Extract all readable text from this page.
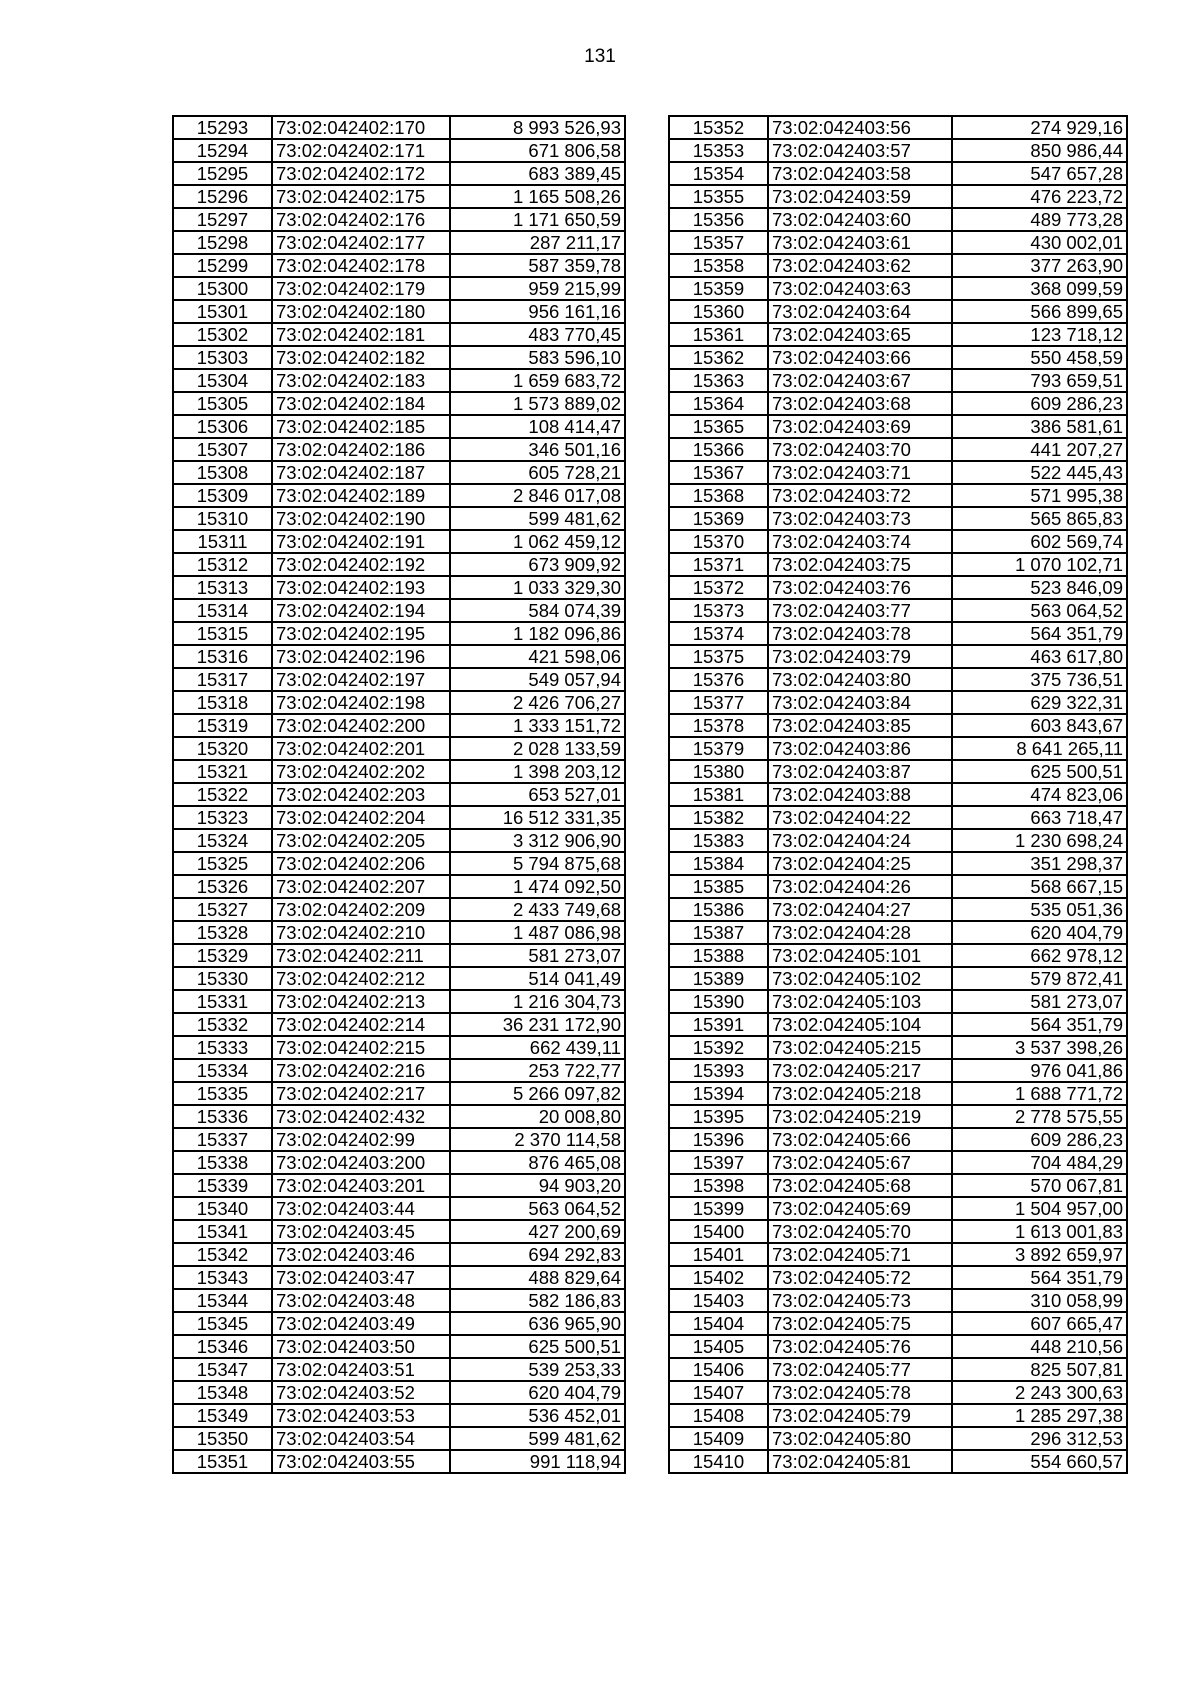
131
15293	73:02:042402:170	8 993 526,93
15294	73:02:042402:171	671 806,58
15295	73:02:042402:172	683 389,45
15296	73:02:042402:175	1 165 508,26
15297	73:02:042402:176	1 171 650,59
15298	73:02:042402:177	287 211,17
15299	73:02:042402:178	587 359,78
15300	73:02:042402:179	959 215,99
15301	73:02:042402:180	956 161,16
15302	73:02:042402:181	483 770,45
15303	73:02:042402:182	583 596,10
15304	73:02:042402:183	1 659 683,72
15305	73:02:042402:184	1 573 889,02
15306	73:02:042402:185	108 414,47
15307	73:02:042402:186	346 501,16
15308	73:02:042402:187	605 728,21
15309	73:02:042402:189	2 846 017,08
15310	73:02:042402:190	599 481,62
15311	73:02:042402:191	1 062 459,12
15312	73:02:042402:192	673 909,92
15313	73:02:042402:193	1 033 329,30
15314	73:02:042402:194	584 074,39
15315	73:02:042402:195	1 182 096,86
15316	73:02:042402:196	421 598,06
15317	73:02:042402:197	549 057,94
15318	73:02:042402:198	2 426 706,27
15319	73:02:042402:200	1 333 151,72
15320	73:02:042402:201	2 028 133,59
15321	73:02:042402:202	1 398 203,12
15322	73:02:042402:203	653 527,01
15323	73:02:042402:204	16 512 331,35
15324	73:02:042402:205	3 312 906,90
15325	73:02:042402:206	5 794 875,68
15326	73:02:042402:207	1 474 092,50
15327	73:02:042402:209	2 433 749,68
15328	73:02:042402:210	1 487 086,98
15329	73:02:042402:211	581 273,07
15330	73:02:042402:212	514 041,49
15331	73:02:042402:213	1 216 304,73
15332	73:02:042402:214	36 231 172,90
15333	73:02:042402:215	662 439,11
15334	73:02:042402:216	253 722,77
15335	73:02:042402:217	5 266 097,82
15336	73:02:042402:432	20 008,80
15337	73:02:042402:99	2 370 114,58
15338	73:02:042403:200	876 465,08
15339	73:02:042403:201	94 903,20
15340	73:02:042403:44	563 064,52
15341	73:02:042403:45	427 200,69
15342	73:02:042403:46	694 292,83
15343	73:02:042403:47	488 829,64
15344	73:02:042403:48	582 186,83
15345	73:02:042403:49	636 965,90
15346	73:02:042403:50	625 500,51
15347	73:02:042403:51	539 253,33
15348	73:02:042403:52	620 404,79
15349	73:02:042403:53	536 452,01
15350	73:02:042403:54	599 481,62
15351	73:02:042403:55	991 118,94
15352	73:02:042403:56	274 929,16
15353	73:02:042403:57	850 986,44
15354	73:02:042403:58	547 657,28
15355	73:02:042403:59	476 223,72
15356	73:02:042403:60	489 773,28
15357	73:02:042403:61	430 002,01
15358	73:02:042403:62	377 263,90
15359	73:02:042403:63	368 099,59
15360	73:02:042403:64	566 899,65
15361	73:02:042403:65	123 718,12
15362	73:02:042403:66	550 458,59
15363	73:02:042403:67	793 659,51
15364	73:02:042403:68	609 286,23
15365	73:02:042403:69	386 581,61
15366	73:02:042403:70	441 207,27
15367	73:02:042403:71	522 445,43
15368	73:02:042403:72	571 995,38
15369	73:02:042403:73	565 865,83
15370	73:02:042403:74	602 569,74
15371	73:02:042403:75	1 070 102,71
15372	73:02:042403:76	523 846,09
15373	73:02:042403:77	563 064,52
15374	73:02:042403:78	564 351,79
15375	73:02:042403:79	463 617,80
15376	73:02:042403:80	375 736,51
15377	73:02:042403:84	629 322,31
15378	73:02:042403:85	603 843,67
15379	73:02:042403:86	8 641 265,11
15380	73:02:042403:87	625 500,51
15381	73:02:042403:88	474 823,06
15382	73:02:042404:22	663 718,47
15383	73:02:042404:24	1 230 698,24
15384	73:02:042404:25	351 298,37
15385	73:02:042404:26	568 667,15
15386	73:02:042404:27	535 051,36
15387	73:02:042404:28	620 404,79
15388	73:02:042405:101	662 978,12
15389	73:02:042405:102	579 872,41
15390	73:02:042405:103	581 273,07
15391	73:02:042405:104	564 351,79
15392	73:02:042405:215	3 537 398,26
15393	73:02:042405:217	976 041,86
15394	73:02:042405:218	1 688 771,72
15395	73:02:042405:219	2 778 575,55
15396	73:02:042405:66	609 286,23
15397	73:02:042405:67	704 484,29
15398	73:02:042405:68	570 067,81
15399	73:02:042405:69	1 504 957,00
15400	73:02:042405:70	1 613 001,83
15401	73:02:042405:71	3 892 659,97
15402	73:02:042405:72	564 351,79
15403	73:02:042405:73	310 058,99
15404	73:02:042405:75	607 665,47
15405	73:02:042405:76	448 210,56
15406	73:02:042405:77	825 507,81
15407	73:02:042405:78	2 243 300,63
15408	73:02:042405:79	1 285 297,38
15409	73:02:042405:80	296 312,53
15410	73:02:042405:81	554 660,57
